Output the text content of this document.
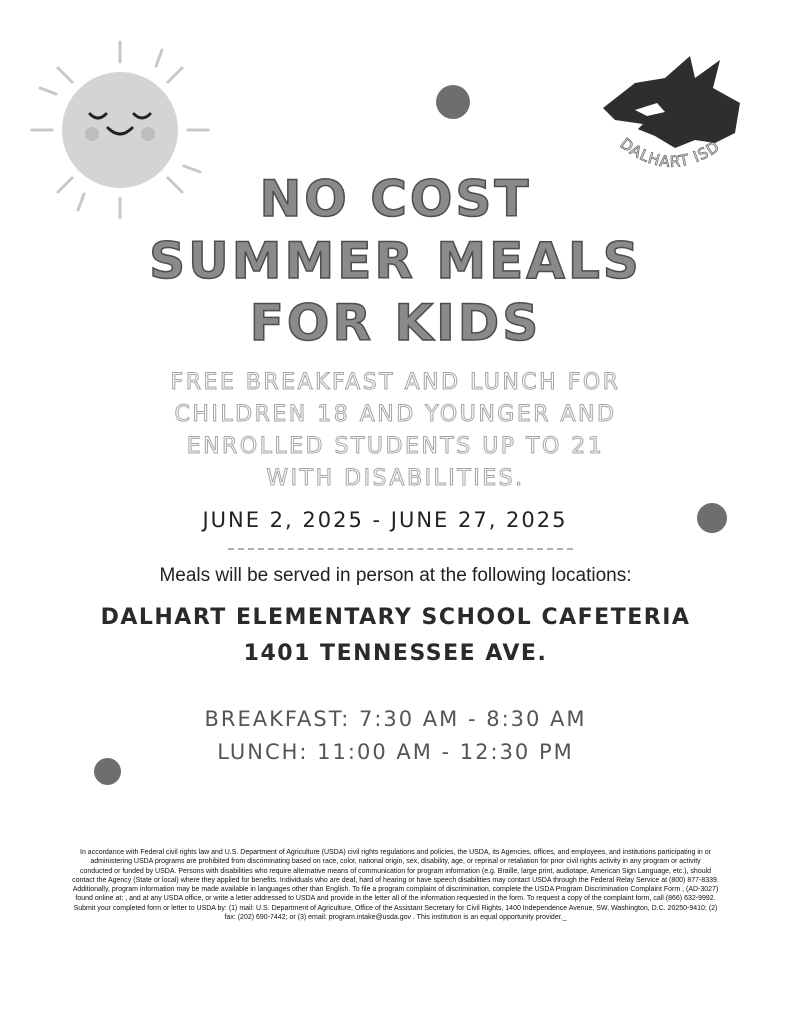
DALHART ISD
NO COST
SUMMER MEALS
FOR KIDS
FREE BREAKFAST AND LUNCH FOR
CHILDREN 18 AND YOUNGER AND
ENROLLED STUDENTS UP TO 21
WITH DISABILITIES.
JUNE 2, 2025 - JUNE 27, 2025
Meals will be served in person at the following locations:
DALHART ELEMENTARY SCHOOL CAFETERIA
1401 TENNESSEE AVE.
BREAKFAST: 7:30 AM - 8:30 AM
LUNCH: 11:00 AM - 12:30 PM
In accordance with Federal civil rights law and U.S. Department of Agriculture (USDA) civil rights regulations and policies, the USDA, its Agencies, offices, and employees, and institutions participating in or
administering USDA programs are prohibited from discriminating based on race, color, national origin, sex, disability, age, or reprisal or retaliation for prior civil rights activity in any program or activity
conducted or funded by USDA. Persons with disabilities who require alternative means of communication for program information (e.g. Braille, large print, audiotape, American Sign Language, etc.), should
contact the Agency (State or local) where they applied for benefits. Individuals who are deaf, hard of hearing or have speech disabilities may contact USDA through the Federal Relay Service at (800) 877-8339.
Additionally, program information may be made available in languages other than English. To file a program complaint of discrimination, complete the USDA Program Discrimination Complaint Form , (AD-3027)
found online at: , and at any USDA office, or write a letter addressed to USDA and provide in the letter all of the information requested in the form. To request a copy of the complaint form, call (866) 632-9992.
Submit your completed form or letter to USDA by: (1) mail: U.S. Department of Agriculture, Office of the Assistant Secretary for Civil Rights, 1400 Independence Avenue, SW, Washington, D.C. 20250-9410; (2)
fax: (202) 690-7442; or (3) email: program.intake@usda.gov . This institution is an equal opportunity provider._
